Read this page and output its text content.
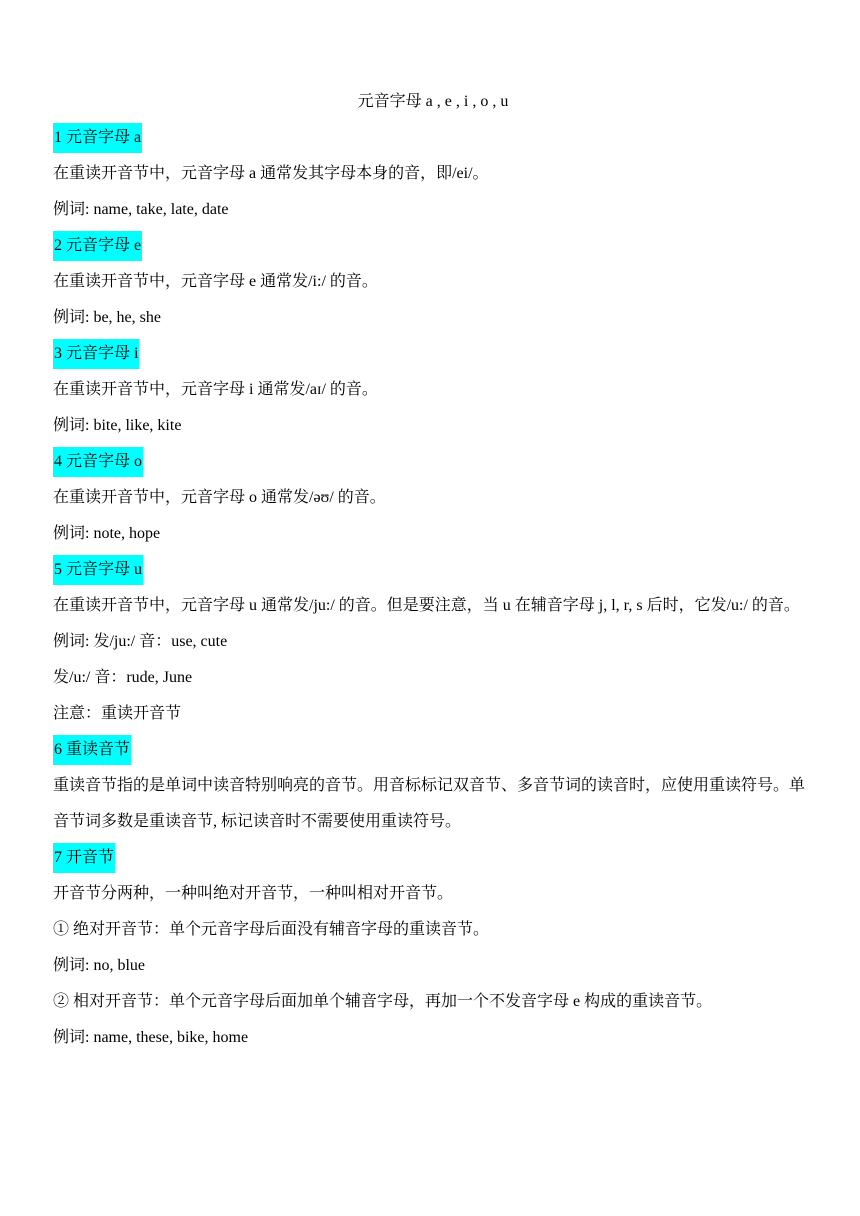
元音字母 a , e , i , o , u

1 元音字母 a

在重读开音节中，元音字母 a 通常发其字母本身的音，即/ei/。

例词: name, take, late, date

2 元音字母 e

在重读开音节中，元音字母 e 通常发/i:/ 的音。

例词: be, he, she

3 元音字母 i

在重读开音节中，元音字母 i 通常发/aɪ/ 的音。

例词: bite, like, kite

4 元音字母 o

在重读开音节中，元音字母 o 通常发/əʊ/ 的音。

例词: note, hope

5 元音字母 u

在重读开音节中，元音字母 u 通常发/ju:/ 的音。但是要注意，当 u 在辅音字母 j, l, r, s 后时，它发/u:/ 的音。

例词: 发/ju:/ 音：use, cute

发/u:/ 音：rude, June

注意：重读开音节

6 重读音节

重读音节指的是单词中读音特别响亮的音节。用音标标记双音节、多音节词的读音时，应使用重读符号。单音节词多数是重读音节, 标记读音时不需要使用重读符号。

7 开音节

开音节分两种，一种叫绝对开音节，一种叫相对开音节。

① 绝对开音节：单个元音字母后面没有辅音字母的重读音节。

例词: no, blue

② 相对开音节：单个元音字母后面加单个辅音字母，再加一个不发音字母 e 构成的重读音节。

例词: name, these, bike, home
